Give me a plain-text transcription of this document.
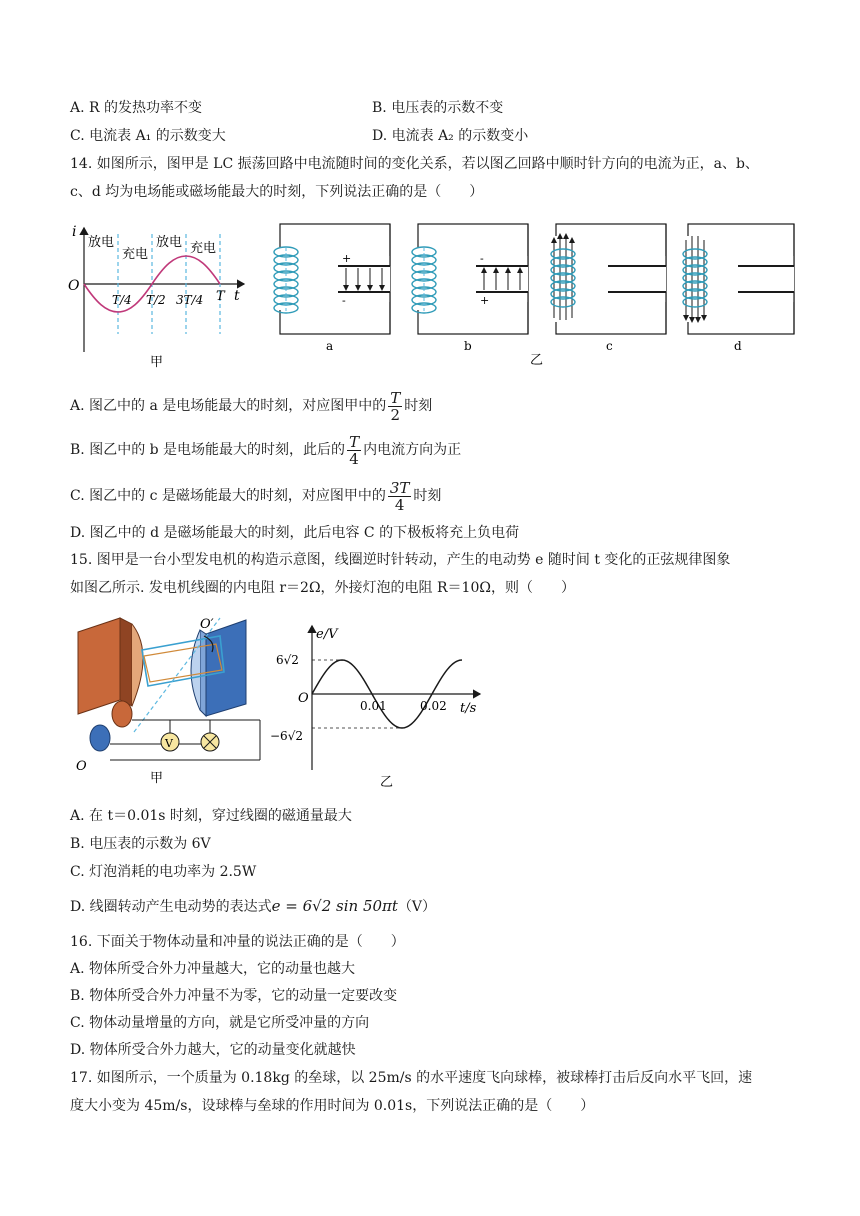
A. R 的发热功率不变	B. 电压表的示数不变
C. 电流表 A₁ 的示数变大	D. 电流表 A₂ 的示数变小
14. 如图所示，图甲是 LC 振荡回路中电流随时间的变化关系，若以图乙回路中顺时针方向的电流为正，a、b、
c、d 均为电场能或磁场能最大的时刻，下列说法正确的是（　　）
i
t
O
放电
充电
放电 充电
T/4 T/2 3T/4 T
甲
+
-
a
-
+
b	c	d
乙
A. 图乙中的 a 是电场能最大的时刻，对应图甲中的 $\frac{T}{2}$ 时刻
B. 图乙中的 b 是电场能最大的时刻，此后的 $\frac{T}{4}$ 内电流方向为正
C. 图乙中的 c 是磁场能最大的时刻，对应图甲中的 $\frac{3T}{4}$ 时刻
D. 图乙中的 d 是磁场能最大的时刻，此后电容 C 的下极板将充上负电荷
15. 图甲是一台小型发电机的构造示意图，线圈逆时针转动，产生的电动势 e 随时间 t 变化的正弦规律图象
如图乙所示. 发电机线圈的内电阻 r＝2Ω，外接灯泡的电阻 R＝10Ω，则（　　）
O′
V
O
甲
e/V
t/s
O
6√2
−6√2
0.01	0.02
乙
A. 在 t＝0.01s 时刻，穿过线圈的磁通量最大
B. 电压表的示数为 6V
C. 灯泡消耗的电功率为 2.5W
D. 线圈转动产生电动势的表达式e = 6√2 sin 50πt（V）
16. 下面关于物体动量和冲量的说法正确的是（　　）
A. 物体所受合外力冲量越大，它的动量也越大
B. 物体所受合外力冲量不为零，它的动量一定要改变
C. 物体动量增量的方向，就是它所受冲量的方向
D. 物体所受合外力越大，它的动量变化就越快
17. 如图所示，一个质量为 0.18kg 的垒球，以 25m/s 的水平速度飞向球棒，被球棒打击后反向水平飞回，速
度大小变为 45m/s，设球棒与垒球的作用时间为 0.01s，下列说法正确的是（　　）
